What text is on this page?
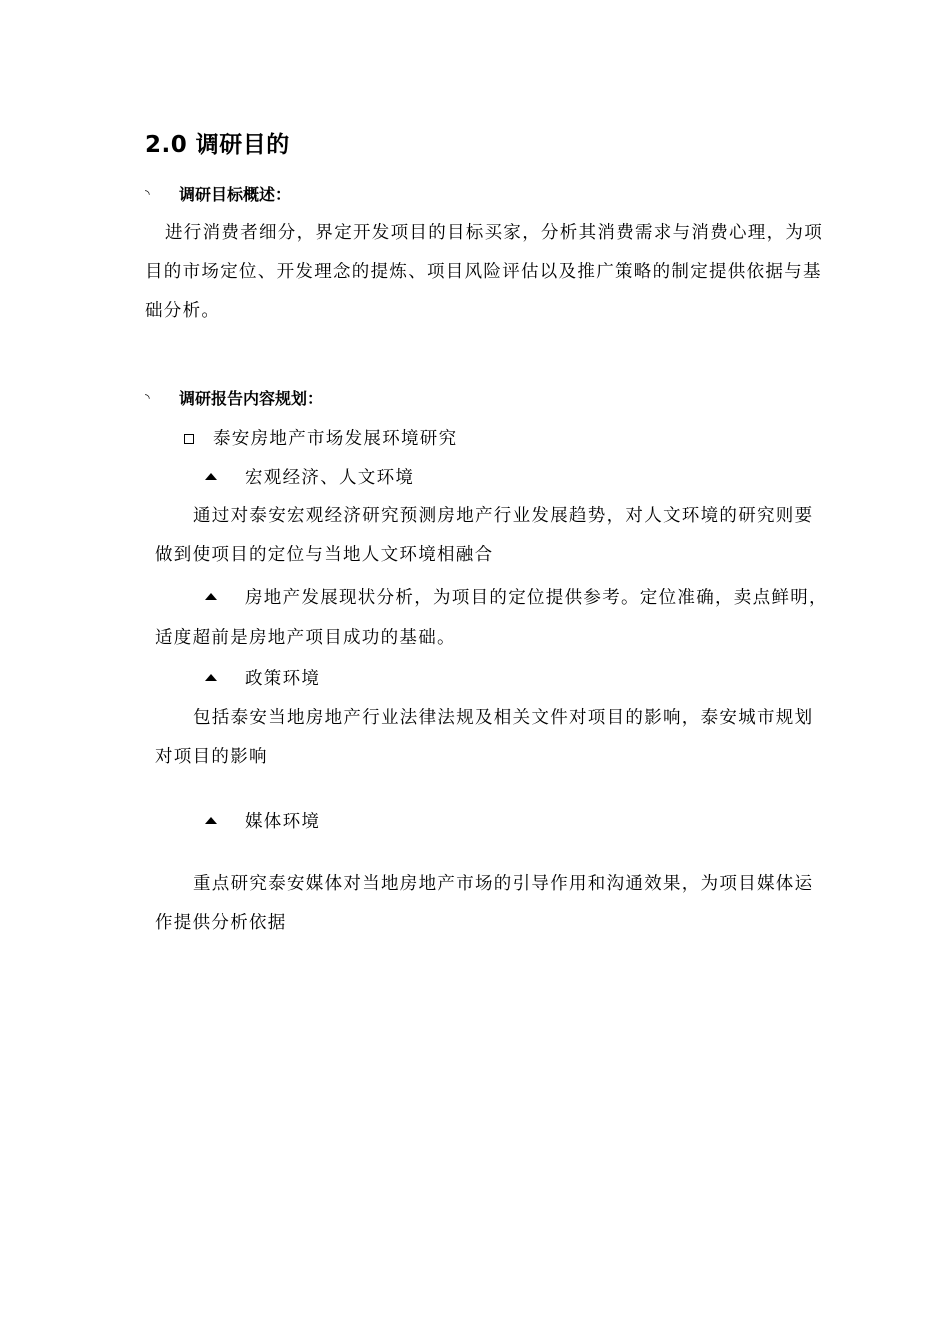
2.0 调研目的
◝	调研目标概述：
进行消费者细分，界定开发项目的目标买家，分析其消费需求与消费心理，为项
目的市场定位、开发理念的提炼、项目风险评估以及推广策略的制定提供依据与基
础分析。
◝	调研报告内容规划：
泰安房地产市场发展环境研究
宏观经济、人文环境
通过对泰安宏观经济研究预测房地产行业发展趋势，对人文环境的研究则要
做到使项目的定位与当地人文环境相融合
房地产发展现状分析，为项目的定位提供参考。定位准确，卖点鲜明，
适度超前是房地产项目成功的基础。
政策环境
包括泰安当地房地产行业法律法规及相关文件对项目的影响，泰安城市规划
对项目的影响
媒体环境
重点研究泰安媒体对当地房地产市场的引导作用和沟通效果，为项目媒体运
作提供分析依据
